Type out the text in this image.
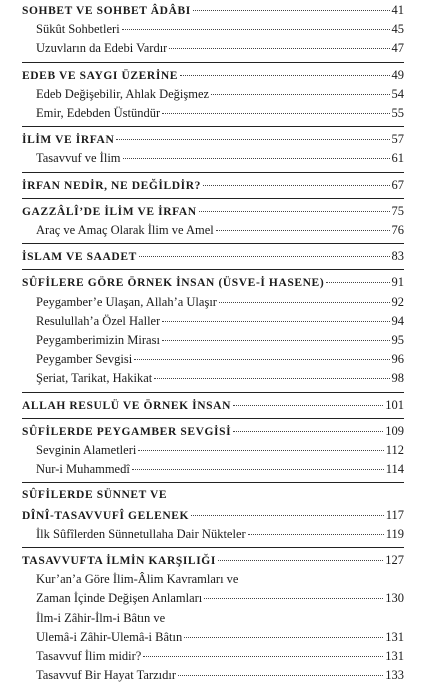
SOHBET VE SOHBET ÂDÂBI	41
Sükût Sohbetleri	45
Uzuvların da Edebi Vardır	47
EDEB VE SAYGI ÜZERİNE	49
Edeb Değişebilir, Ahlak Değişmez	54
Emir, Edebden Üstündür	55
İLİM VE İRFAN	57
Tasavvuf ve İlim	61
İRFAN NEDİR, NE DEĞİLDİR?	67
GAZZÂLÎ’DE İLİM VE İRFAN	75
Araç ve Amaç Olarak İlim ve Amel	76
İSLAM VE SAADET	83
SÛFİLERE GÖRE ÖRNEK İNSAN (ÜSVE-İ HASENE)	91
Peygamber’e Ulaşan, Allah’a Ulaşır	92
Resulullah’a Özel Haller	94
Peygamberimizin Mirası	95
Peygamber Sevgisi	96
Şeriat, Tarikat, Hakikat	98
ALLAH RESULÜ VE ÖRNEK İNSAN	101
SÛFİLERDE PEYGAMBER SEVGİSİ	109
Sevginin Alametleri	112
Nur-i Muhammedî	114
SÛFİLERDE SÜNNET VE
DÎNÎ-TASAVVUFÎ GELENEK	117
İlk Sûfîlerden Sünnetullaha Dair Nükteler	119
TASAVVUFTA İLMİN KARŞILIĞI	127
Kur’an’a Göre İlim-Âlim Kavramları ve
Zaman İçinde Değişen Anlamları	130
İlm-i Zâhir-İlm-i Bâtın ve
Ulemâ-i Zâhir-Ulemâ-i Bâtın	131
Tasavvuf İlim midir?	131
Tasavvuf Bir Hayat Tarzıdır	133
